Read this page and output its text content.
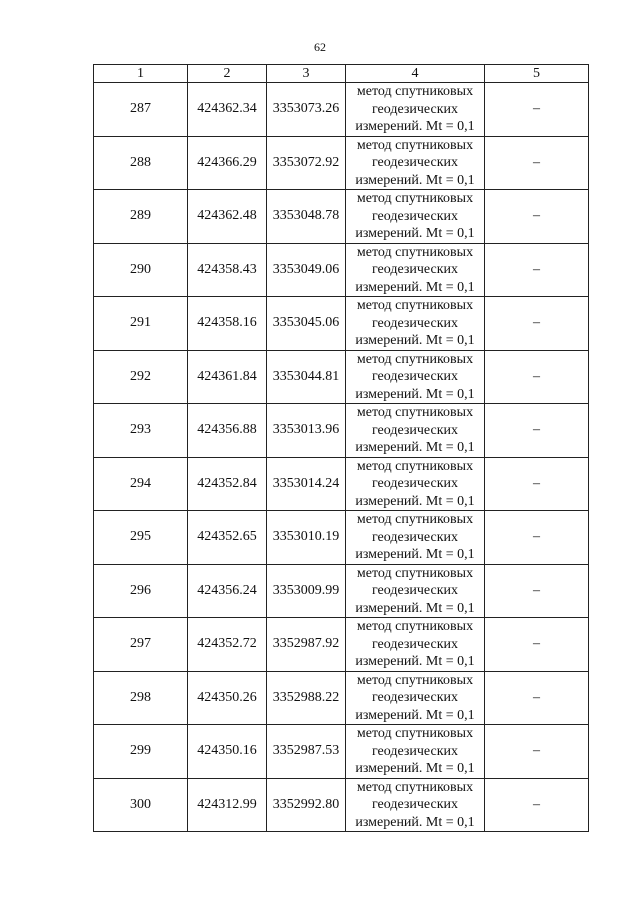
62
1	2	3	4	5
287	424362.34	3353073.26	метод спутниковых
геодезических
измерений. Mt = 0,1	–
288	424366.29	3353072.92	метод спутниковых
геодезических
измерений. Mt = 0,1	–
289	424362.48	3353048.78	метод спутниковых
геодезических
измерений. Mt = 0,1	–
290	424358.43	3353049.06	метод спутниковых
геодезических
измерений. Mt = 0,1	–
291	424358.16	3353045.06	метод спутниковых
геодезических
измерений. Mt = 0,1	–
292	424361.84	3353044.81	метод спутниковых
геодезических
измерений. Mt = 0,1	–
293	424356.88	3353013.96	метод спутниковых
геодезических
измерений. Mt = 0,1	–
294	424352.84	3353014.24	метод спутниковых
геодезических
измерений. Mt = 0,1	–
295	424352.65	3353010.19	метод спутниковых
геодезических
измерений. Mt = 0,1	–
296	424356.24	3353009.99	метод спутниковых
геодезических
измерений. Mt = 0,1	–
297	424352.72	3352987.92	метод спутниковых
геодезических
измерений. Mt = 0,1	–
298	424350.26	3352988.22	метод спутниковых
геодезических
измерений. Mt = 0,1	–
299	424350.16	3352987.53	метод спутниковых
геодезических
измерений. Mt = 0,1	–
300	424312.99	3352992.80	метод спутниковых
геодезических
измерений. Mt = 0,1	–
